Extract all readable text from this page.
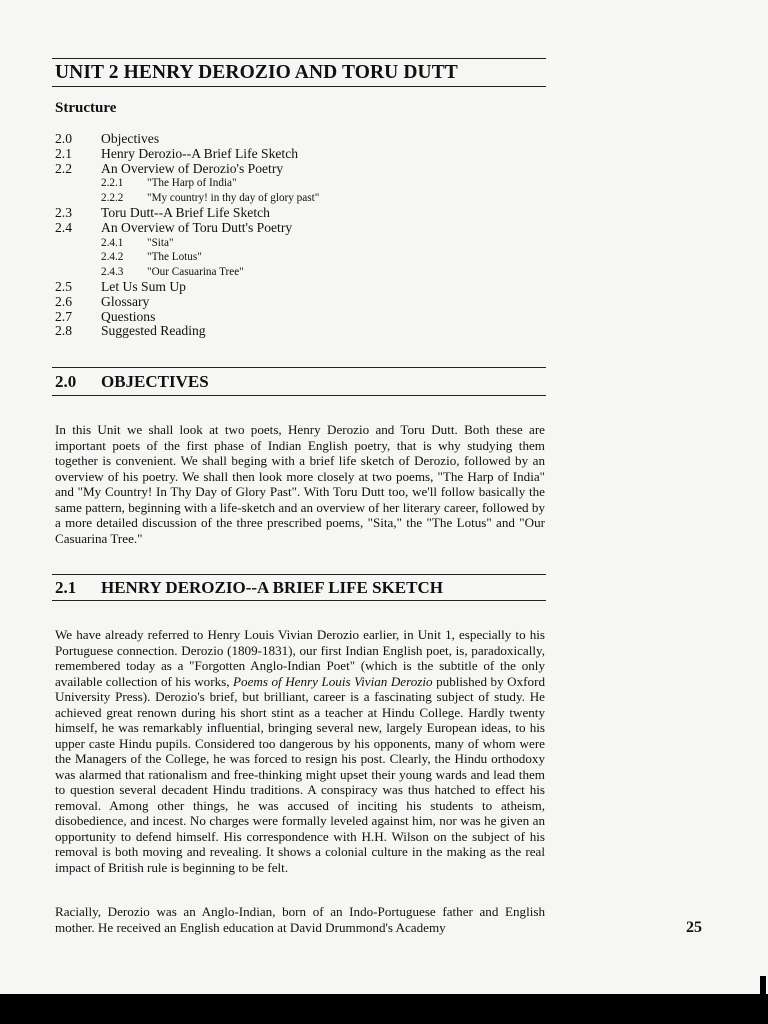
UNIT 2 HENRY DEROZIO AND TORU DUTT
Structure
2.0 Objectives
2.1 Henry Derozio--A Brief Life Sketch
2.2 An Overview of Derozio's Poetry
2.2.1 "The Harp of India"
2.2.2 "My country! in thy day of glory past"
2.3 Toru Dutt--A Brief Life Sketch
2.4 An Overview of Toru Dutt's Poetry
2.4.1 "Sita"
2.4.2 "The Lotus"
2.4.3 "Our Casuarina Tree"
2.5 Let Us Sum Up
2.6 Glossary
2.7 Questions
2.8 Suggested Reading
2.0 OBJECTIVES

In this Unit we shall look at two poets, Henry Derozio and Toru Dutt. Both these are important poets of the first phase of Indian English poetry, that is why studying them together is convenient. We shall beging with a brief life sketch of Derozio, followed by an overview of his poetry. We shall then look more closely at two poems, "The Harp of India" and "My Country! In Thy Day of Glory Past". With Toru Dutt too, we'll follow basically the same pattern, beginning with a life-sketch and an overview of her literary career, followed by a more detailed discussion of the three prescribed poems, "Sita," the "The Lotus" and "Our Casuarina Tree."

2.1 HENRY DEROZIO--A BRIEF LIFE SKETCH

We have already referred to Henry Louis Vivian Derozio earlier, in Unit 1, especially to his Portuguese connection. Derozio (1809-1831), our first Indian English poet, is, paradoxically, remembered today as a "Forgotten Anglo-Indian Poet" (which is the subtitle of the only available collection of his works, Poems of Henry Louis Vivian Derozio published by Oxford University Press). Derozio's brief, but brilliant, career is a fascinating subject of study. He achieved great renown during his short stint as a teacher at Hindu College. Hardly twenty himself, he was remarkably influential, bringing several new, largely European ideas, to his upper caste Hindu pupils. Considered too dangerous by his opponents, many of whom were the Managers of the College, he was forced to resign his post. Clearly, the Hindu orthodoxy was alarmed that rationalism and free-thinking might upset their young wards and lead them to question several decadent Hindu traditions. A conspiracy was thus hatched to effect his removal. Among other things, he was accused of inciting his students to atheism, disobedience, and incest. No charges were formally leveled against him, nor was he given an opportunity to defend himself. His correspondence with H.H. Wilson on the subject of his removal is both moving and revealing. It shows a colonial culture in the making as the real impact of British rule is beginning to be felt.

Racially, Derozio was an Anglo-Indian, born of an Indo-Portuguese father and English mother. He received an English education at David Drummond's Academy	25
